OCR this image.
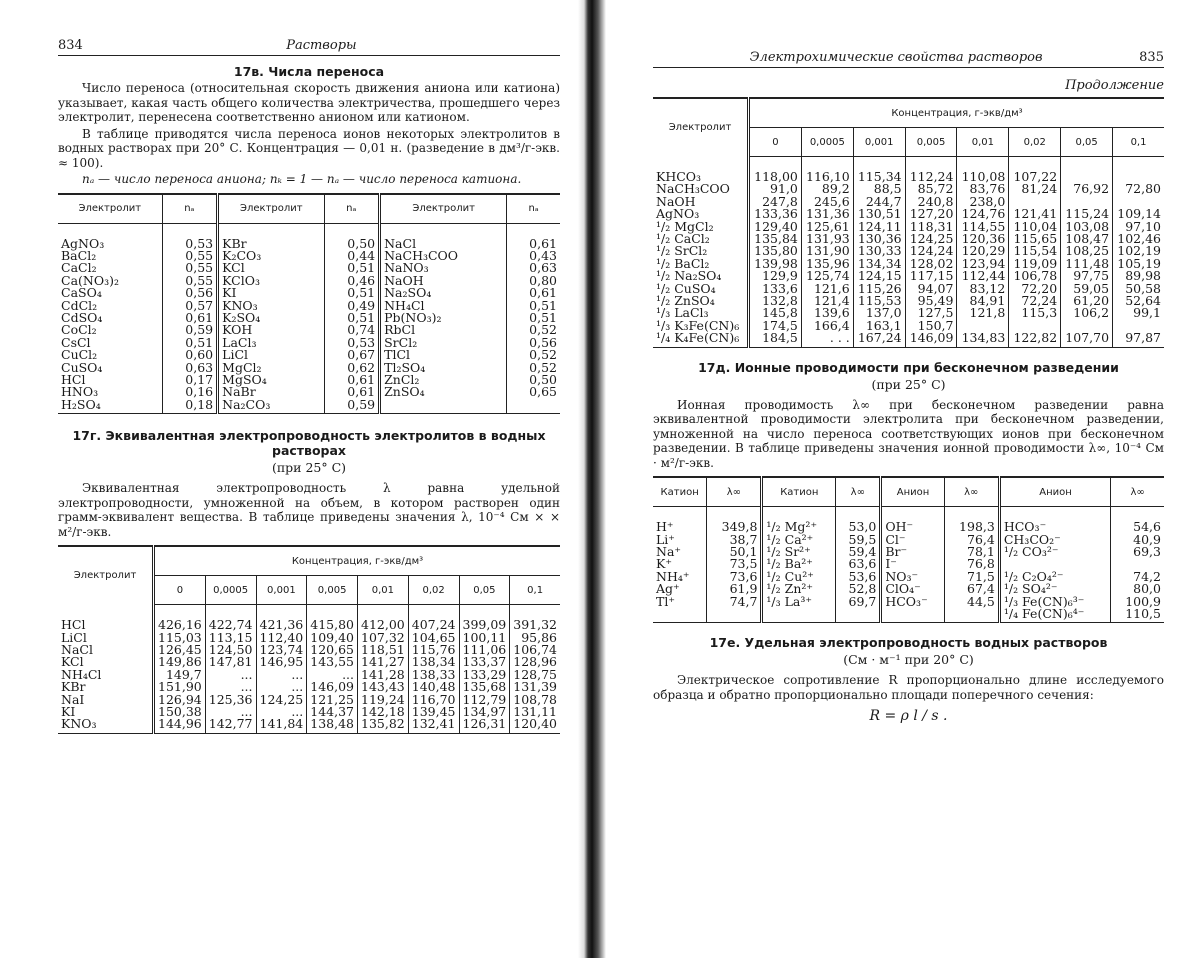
834	Растворы
17в. Числа переноса

Число переноса (относительная скорость движения аниона или катиона) указывает, какая часть общего количества электричества, прошедшего через электролит, перенесена соответственно анионом или катионом.

В таблице приводятся числа переноса ионов некоторых электролитов в водных растворах при 20° С. Концентрация — 0,01 н. (разведение в дм³/г-экв. ≈ 100).

nₐ — число переноса аниона; nₖ = 1 — nₐ — число переноса катиона.

Электролит	nₐ	Электролит	nₐ	Электролит	nₐ
AgNO₃	0,53	KBr	0,50	NaCl	0,61
BaCl₂	0,55	K₂CO₃	0,44	NaCH₃COO	0,43
CaCl₂	0,55	KCl	0,51	NaNO₃	0,63
Ca(NO₃)₂	0,55	KClO₃	0,46	NaOH	0,80
CaSO₄	0,56	KI	0,51	Na₂SO₄	0,61
CdCl₂	0,57	KNO₃	0,49	NH₄Cl	0,51
CdSO₄	0,61	K₂SO₄	0,51	Pb(NO₃)₂	0,51
CoCl₂	0,59	KOH	0,74	RbCl	0,52
CsCl	0,51	LaCl₃	0,53	SrCl₂	0,56
CuCl₂	0,60	LiCl	0,67	TlCl	0,52
CuSO₄	0,63	MgCl₂	0,62	Tl₂SO₄	0,52
HCl	0,17	MgSO₄	0,61	ZnCl₂	0,50
HNO₃	0,16	NaBr	0,61	ZnSO₄	0,65
H₂SO₄	0,18	Na₂CO₃	0,59		
17г. Эквивалентная электропроводность электролитов в водных растворах
(при 25° С)

Эквивалентная электропроводность λ равна удельной электропроводности, умноженной на объем, в котором растворен один грамм-эквивалент вещества. В таблице приведены значения λ, 10⁻⁴ См × × м²/г-экв.

Электролит	Концентрация, г-экв/дм³							
	0	0,0005	0,001	0,005	0,01	0,02	0,05	0,1
HCl	426,16	422,74	421,36	415,80	412,00	407,24	399,09	391,32
LiCl	115,03	113,15	112,40	109,40	107,32	104,65	100,11	95,86
NaCl	126,45	124,50	123,74	120,65	118,51	115,76	111,06	106,74
KCl	149,86	147,81	146,95	143,55	141,27	138,34	133,37	128,96
NH₄Cl	149,7	...	...	...	141,28	138,33	133,29	128,75
KBr	151,90	...	...	146,09	143,43	140,48	135,68	131,39
NaI	126,94	125,36	124,25	121,25	119,24	116,70	112,79	108,78
KI	150,38	...	...	144,37	142,18	139,45	134,97	131,11
KNO₃	144,96	142,77	141,84	138,48	135,82	132,41	126,31	120,40
Электрохимические свойства растворов	835
Продолжение
Электролит	Концентрация, г-экв/дм³							
	0	0,0005	0,001	0,005	0,01	0,02	0,05	0,1
KHCO₃	118,00	116,10	115,34	112,24	110,08	107,22		
NaCH₃COO	91,0	89,2	88,5	85,72	83,76	81,24	76,92	72,80
NaOH	247,8	245,6	244,7	240,8	238,0			
AgNO₃	133,36	131,36	130,51	127,20	124,76	121,41	115,24	109,14
¹/₂ MgCl₂	129,40	125,61	124,11	118,31	114,55	110,04	103,08	97,10
¹/₂ CaCl₂	135,84	131,93	130,36	124,25	120,36	115,65	108,47	102,46
¹/₂ SrCl₂	135,80	131,90	130,33	124,24	120,29	115,54	108,25	102,19
¹/₂ BaCl₂	139,98	135,96	134,34	128,02	123,94	119,09	111,48	105,19
¹/₂ Na₂SO₄	129,9	125,74	124,15	117,15	112,44	106,78	97,75	89,98
¹/₂ CuSO₄	133,6	121,6	115,26	94,07	83,12	72,20	59,05	50,58
¹/₂ ZnSO₄	132,8	121,4	115,53	95,49	84,91	72,24	61,20	52,64
¹/₃ LaCl₃	145,8	139,6	137,0	127,5	121,8	115,3	106,2	99,1
¹/₃ K₃Fe(CN)₆	174,5	166,4	163,1	150,7				
¹/₄ K₄Fe(CN)₆	184,5	. . .	167,24	146,09	134,83	122,82	107,70	97,87
17д. Ионные проводимости при бесконечном разведении
(при 25° С)

Ионная проводимость λ∞ при бесконечном разведении равна эквивалентной проводимости электролита при бесконечном разведении, умноженной на число переноса соответствующих ионов при бесконечном разведении. В таблице приведены значения ионной проводимости λ∞, 10⁻⁴ См · м²/г-экв.

Катион	λ∞	Катион	λ∞	Анион	λ∞	Анион	λ∞
H⁺	349,8	¹/₂ Mg²⁺	53,0	OH⁻	198,3	HCO₃⁻	54,6
Li⁺	38,7	¹/₂ Ca²⁺	59,5	Cl⁻	76,4	CH₃CO₂⁻	40,9
Na⁺	50,1	¹/₂ Sr²⁺	59,4	Br⁻	78,1	¹/₂ CO₃²⁻	69,3
K⁺	73,5	¹/₂ Ba²⁺	63,6	I⁻	76,8		
NH₄⁺	73,6	¹/₂ Cu²⁺	53,6	NO₃⁻	71,5	¹/₂ C₂O₄²⁻	74,2
Ag⁺	61,9	¹/₂ Zn²⁺	52,8	ClO₄⁻	67,4	¹/₂ SO₄²⁻	80,0
Tl⁺	74,7	¹/₃ La³⁺	69,7	HCO₃⁻	44,5	¹/₃ Fe(CN)₆³⁻	100,9
						¹/₄ Fe(CN)₆⁴⁻	110,5
17е. Удельная электропроводность водных растворов
(См · м⁻¹ при 20° С)

Электрическое сопротивление R пропорционально длине исследуемого образца и обратно пропорционально площади поперечного сечения:

R = ρ l / s .
